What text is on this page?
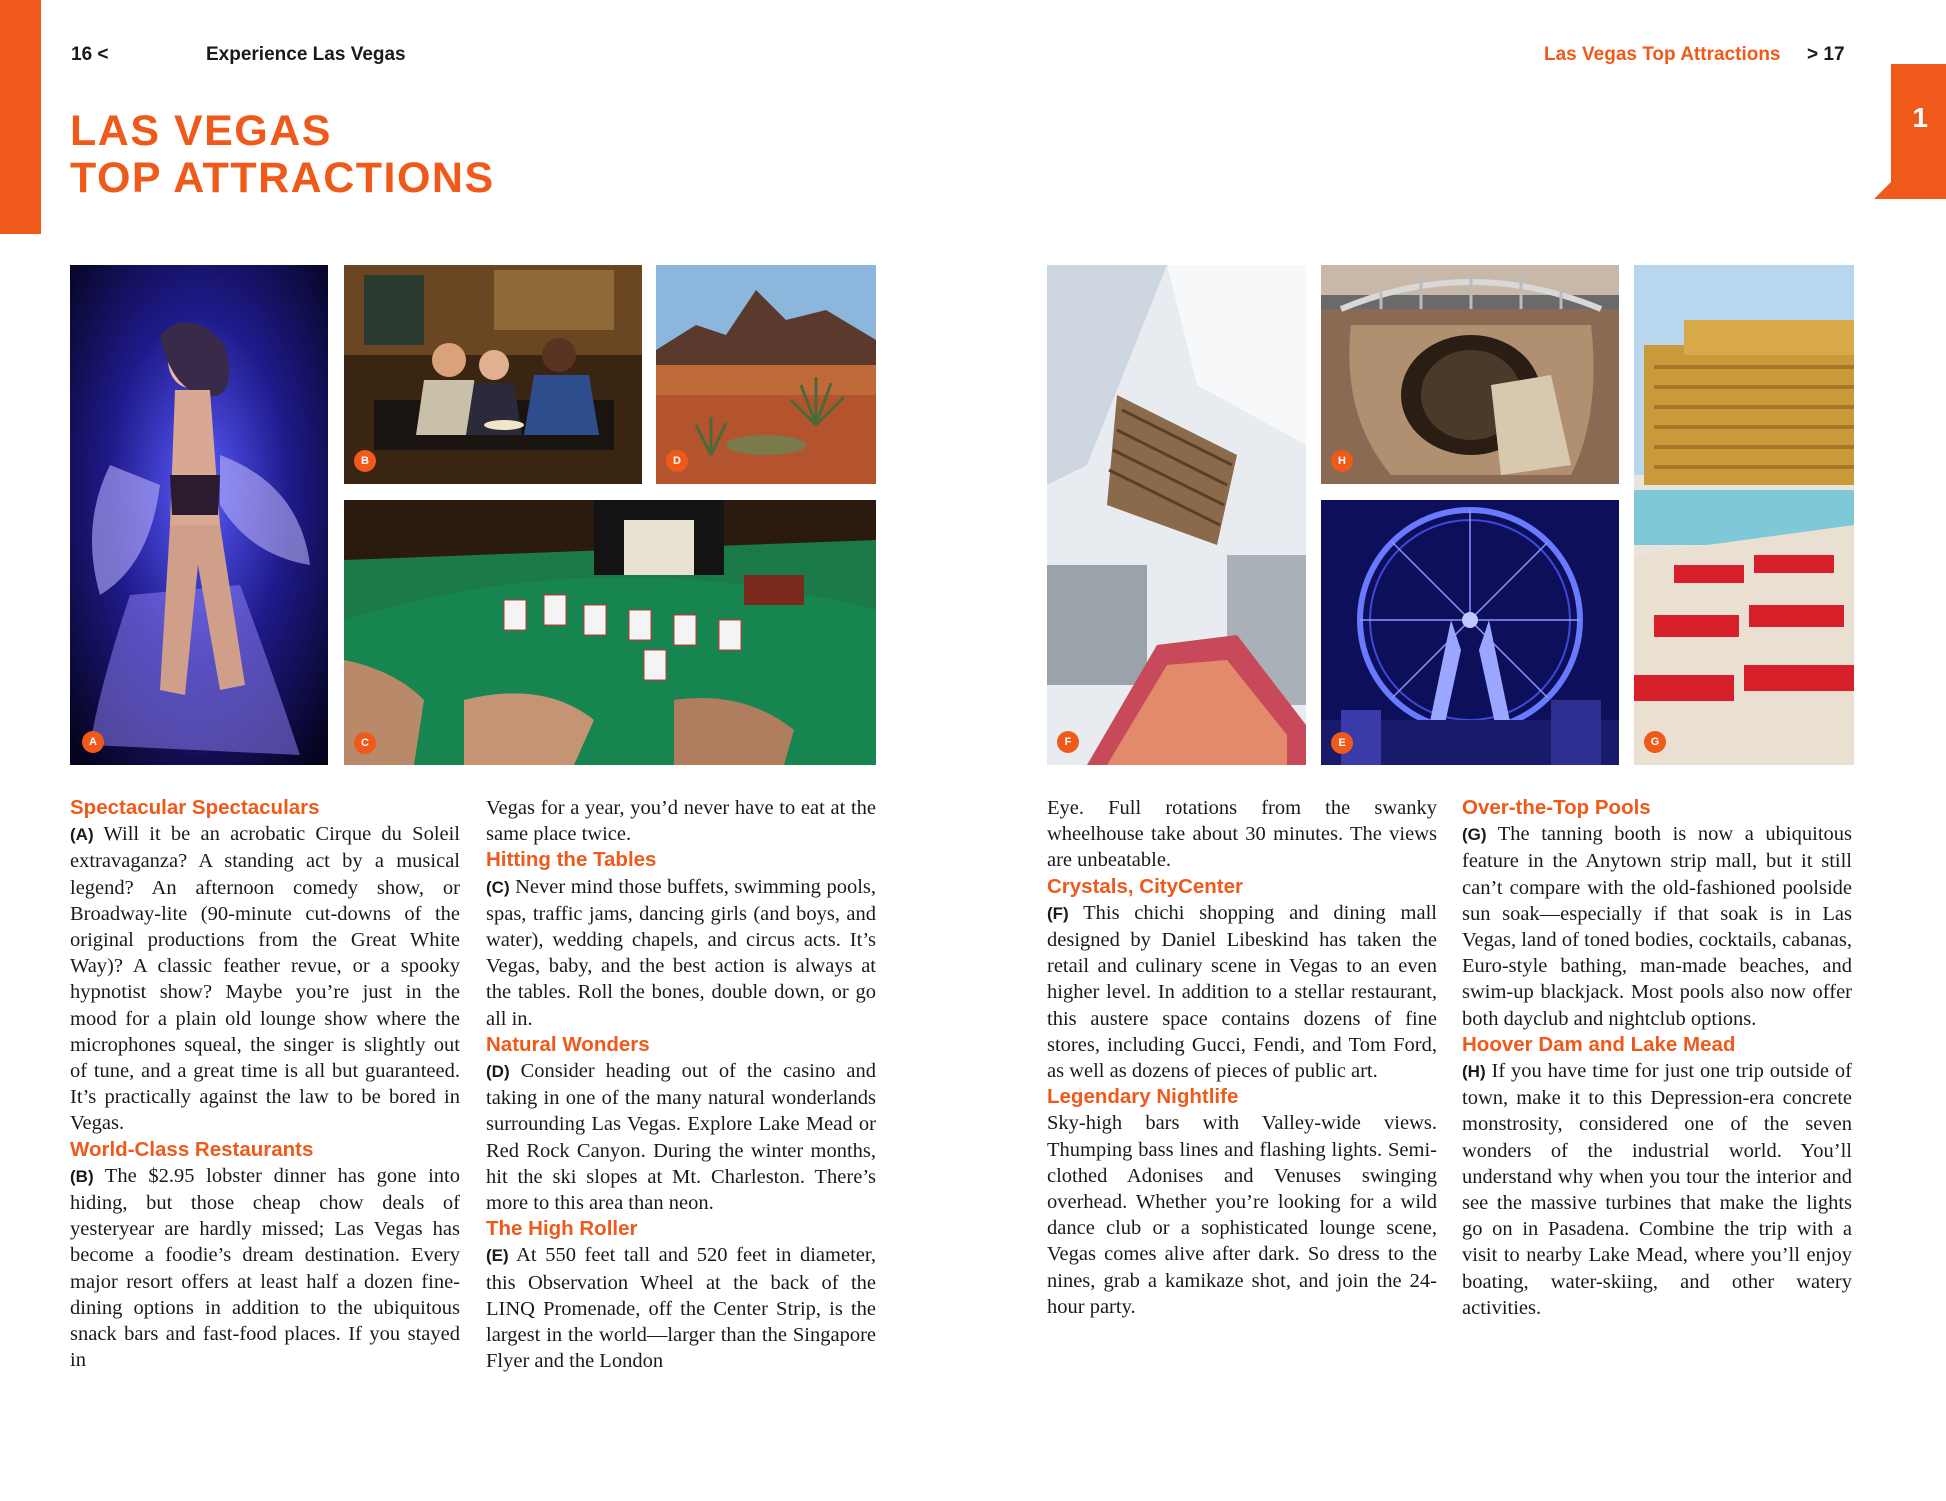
1
16 <	Experience Las Vegas	Las Vegas Top Attractions > 17
LAS VEGAS
TOP ATTRACTIONS
A
B	D
C	F
H
E	G
Spectacular Spectaculars

(A) Will it be an acrobatic Cirque du Soleil extravaganza? A standing act by a musical legend? An afternoon comedy show, or Broadway-lite (90-minute cut-downs of the original productions from the Great White Way)? A classic feather revue, or a spooky hypnotist show? Maybe you’re just in the mood for a plain old lounge show where the microphones squeal, the singer is slightly out of tune, and a great time is all but guaranteed. It’s practically against the law to be bored in Vegas.

World-Class Restaurants

(B) The $2.95 lobster dinner has gone into hiding, but those cheap chow deals of yesteryear are hardly missed; Las Vegas has become a foodie’s dream destination. Every major resort offers at least half a dozen fine-dining options in addition to the ubiquitous snack bars and fast-food places. If you stayed in

Vegas for a year, you’d never have to eat at the same place twice.

Hitting the Tables

(C) Never mind those buffets, swimming pools, spas, traffic jams, dancing girls (and boys, and water), wedding chapels, and circus acts. It’s Vegas, baby, and the best action is always at the tables. Roll the bones, double down, or go all in.

Natural Wonders

(D) Consider heading out of the casino and taking in one of the many natural wonderlands surrounding Las Vegas. Explore Lake Mead or Red Rock Canyon. During the winter months, hit the ski slopes at Mt. Charleston. There’s more to this area than neon.

The High Roller

(E) At 550 feet tall and 520 feet in diameter, this Observation Wheel at the back of the LINQ Promenade, off the Center Strip, is the largest in the world—larger than the Singapore Flyer and the London

Eye. Full rotations from the swanky wheelhouse take about 30 minutes. The views are unbeatable.

Crystals, CityCenter

(F) This chichi shopping and dining mall designed by Daniel Libeskind has taken the retail and culinary scene in Vegas to an even higher level. In addition to a stellar restaurant, this austere space contains dozens of fine stores, including Gucci, Fendi, and Tom Ford, as well as dozens of pieces of public art.

Legendary Nightlife

Sky-high bars with Valley-wide views. Thumping bass lines and flashing lights. Semi-clothed Adonises and Venuses swinging overhead. Whether you’re looking for a wild dance club or a sophisticated lounge scene, Vegas comes alive after dark. So dress to the nines, grab a kamikaze shot, and join the 24-hour party.

Over-the-Top Pools

(G) The tanning booth is now a ubiquitous feature in the Anytown strip mall, but it still can’t compare with the old-fashioned poolside sun soak—especially if that soak is in Las Vegas, land of toned bodies, cocktails, cabanas, Euro-style bathing, man-made beaches, and swim-up blackjack. Most pools also now offer both dayclub and nightclub options.

Hoover Dam and Lake Mead

(H) If you have time for just one trip outside of town, make it to this Depression-era concrete monstrosity, considered one of the seven wonders of the industrial world. You’ll understand why when you tour the interior and see the massive turbines that make the lights go on in Pasadena. Combine the trip with a visit to nearby Lake Mead, where you’ll enjoy boating, water-skiing, and other watery activities.
